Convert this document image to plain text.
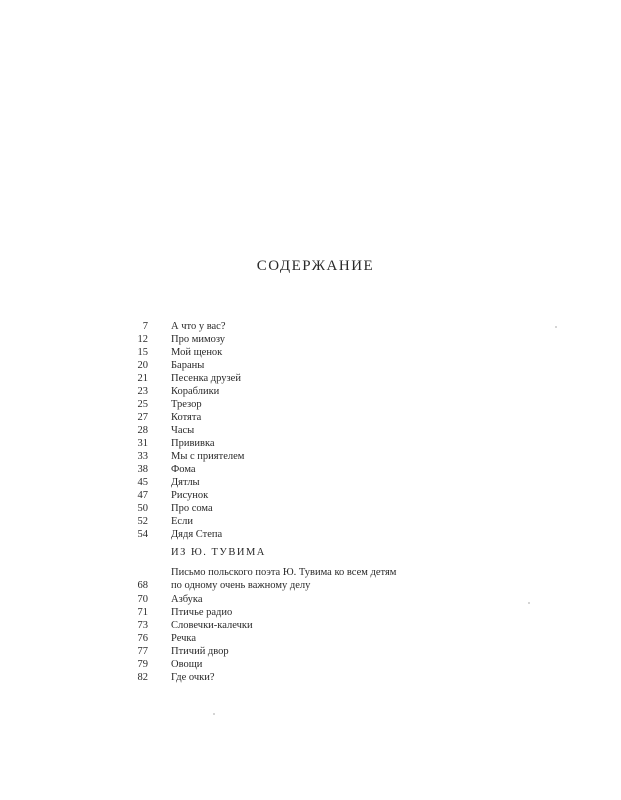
СОДЕРЖАНИЕ
7 А что у вас?
12 Про мимозу
15 Мой щенок
20 Бараны
21 Песенка друзей
23 Кораблики
25 Трезор
27 Котята
28 Часы
31 Прививка
33 Мы с приятелем
38 Фома
45 Дятлы
47 Рисунок
50 Про сома
52 Если
54 Дядя Степа
ИЗ Ю. ТУВИМА
Письмо польского поэта Ю. Тувима ко всем детям
68 по одному очень важному делу
70 Азбука
71 Птичье радио
73 Словечки-калечки
76 Речка
77 Птичий двор
79 Овощи
82 Где очки?
